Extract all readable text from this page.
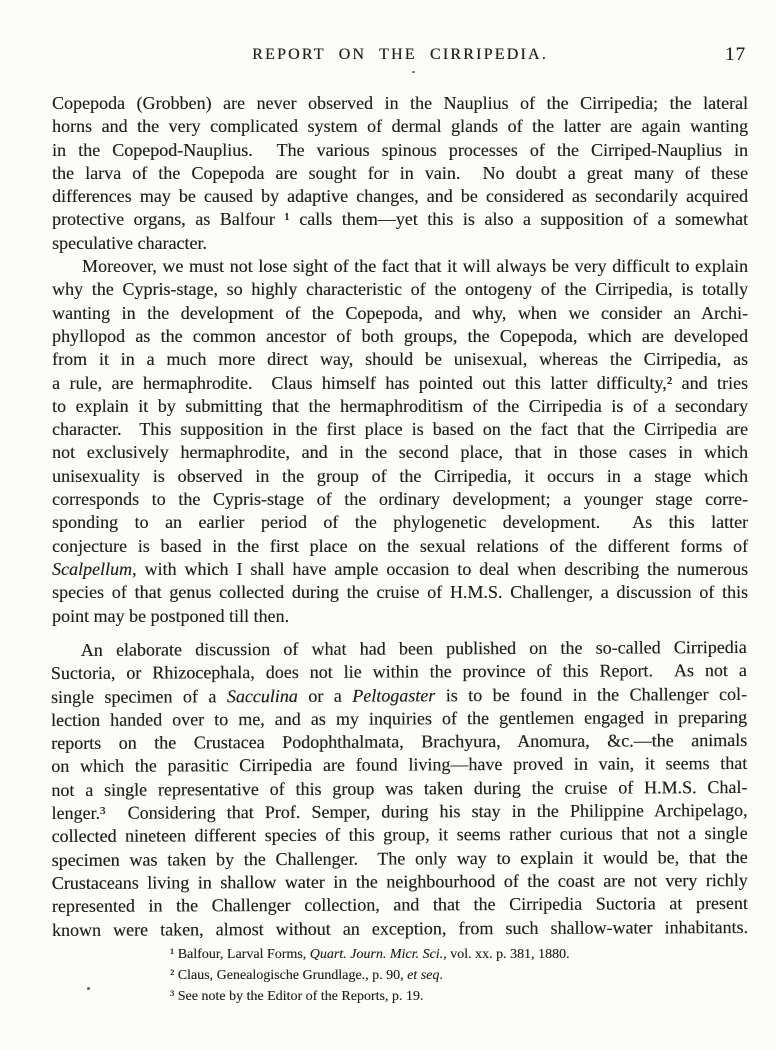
REPORT ON THE CIRRIPEDIA.	17
Copepoda (Grobben) are never observed in the Nauplius of the Cirripedia; the lateral
horns and the very complicated system of dermal glands of the latter are again wanting
in the Copepod-Nauplius.  The various spinous processes of the Cirriped-Nauplius in
the larva of the Copepoda are sought for in vain.  No doubt a great many of these
differences may be caused by adaptive changes, and be considered as secondarily acquired
protective organs, as Balfour ¹ calls them—yet this is also a supposition of a somewhat
speculative character.
Moreover, we must not lose sight of the fact that it will always be very difficult to explain
why the Cypris-stage, so highly characteristic of the ontogeny of the Cirripedia, is totally
wanting in the development of the Copepoda, and why, when we consider an Archi-
phyllopod as the common ancestor of both groups, the Copepoda, which are developed
from it in a much more direct way, should be unisexual, whereas the Cirripedia, as
a rule, are hermaphrodite.  Claus himself has pointed out this latter difficulty,² and tries
to explain it by submitting that the hermaphroditism of the Cirripedia is of a secondary
character.  This supposition in the first place is based on the fact that the Cirripedia are
not exclusively hermaphrodite, and in the second place, that in those cases in which
unisexuality is observed in the group of the Cirripedia, it occurs in a stage which
corresponds to the Cypris-stage of the ordinary development; a younger stage corre-
sponding to an earlier period of the phylogenetic development.  As this latter
conjecture is based in the first place on the sexual relations of the different forms of
Scalpellum, with which I shall have ample occasion to deal when describing the numerous
species of that genus collected during the cruise of H.M.S. Challenger, a discussion of this
point may be postponed till then.
An elaborate discussion of what had been published on the so-called Cirripedia
Suctoria, or Rhizocephala, does not lie within the province of this Report.  As not a
single specimen of a Sacculina or a Peltogaster is to be found in the Challenger col-
lection handed over to me, and as my inquiries of the gentlemen engaged in preparing
reports on the Crustacea Podophthalmata, Brachyura, Anomura, &c.—the animals
on which the parasitic Cirripedia are found living—have proved in vain, it seems that
not a single representative of this group was taken during the cruise of H.M.S. Chal-
lenger.³  Considering that Prof. Semper, during his stay in the Philippine Archipelago,
collected nineteen different species of this group, it seems rather curious that not a single
specimen was taken by the Challenger.  The only way to explain it would be, that the
Crustaceans living in shallow water in the neighbourhood of the coast are not very richly
represented in the Challenger collection, and that the Cirripedia Suctoria at present
known were taken, almost without an exception, from such shallow-water inhabitants.
¹ Balfour, Larval Forms, Quart. Journ. Micr. Sci., vol. xx. p. 381, 1880.
² Claus, Genealogische Grundlage., p. 90, et seq.
³ See note by the Editor of the Reports, p. 19.
